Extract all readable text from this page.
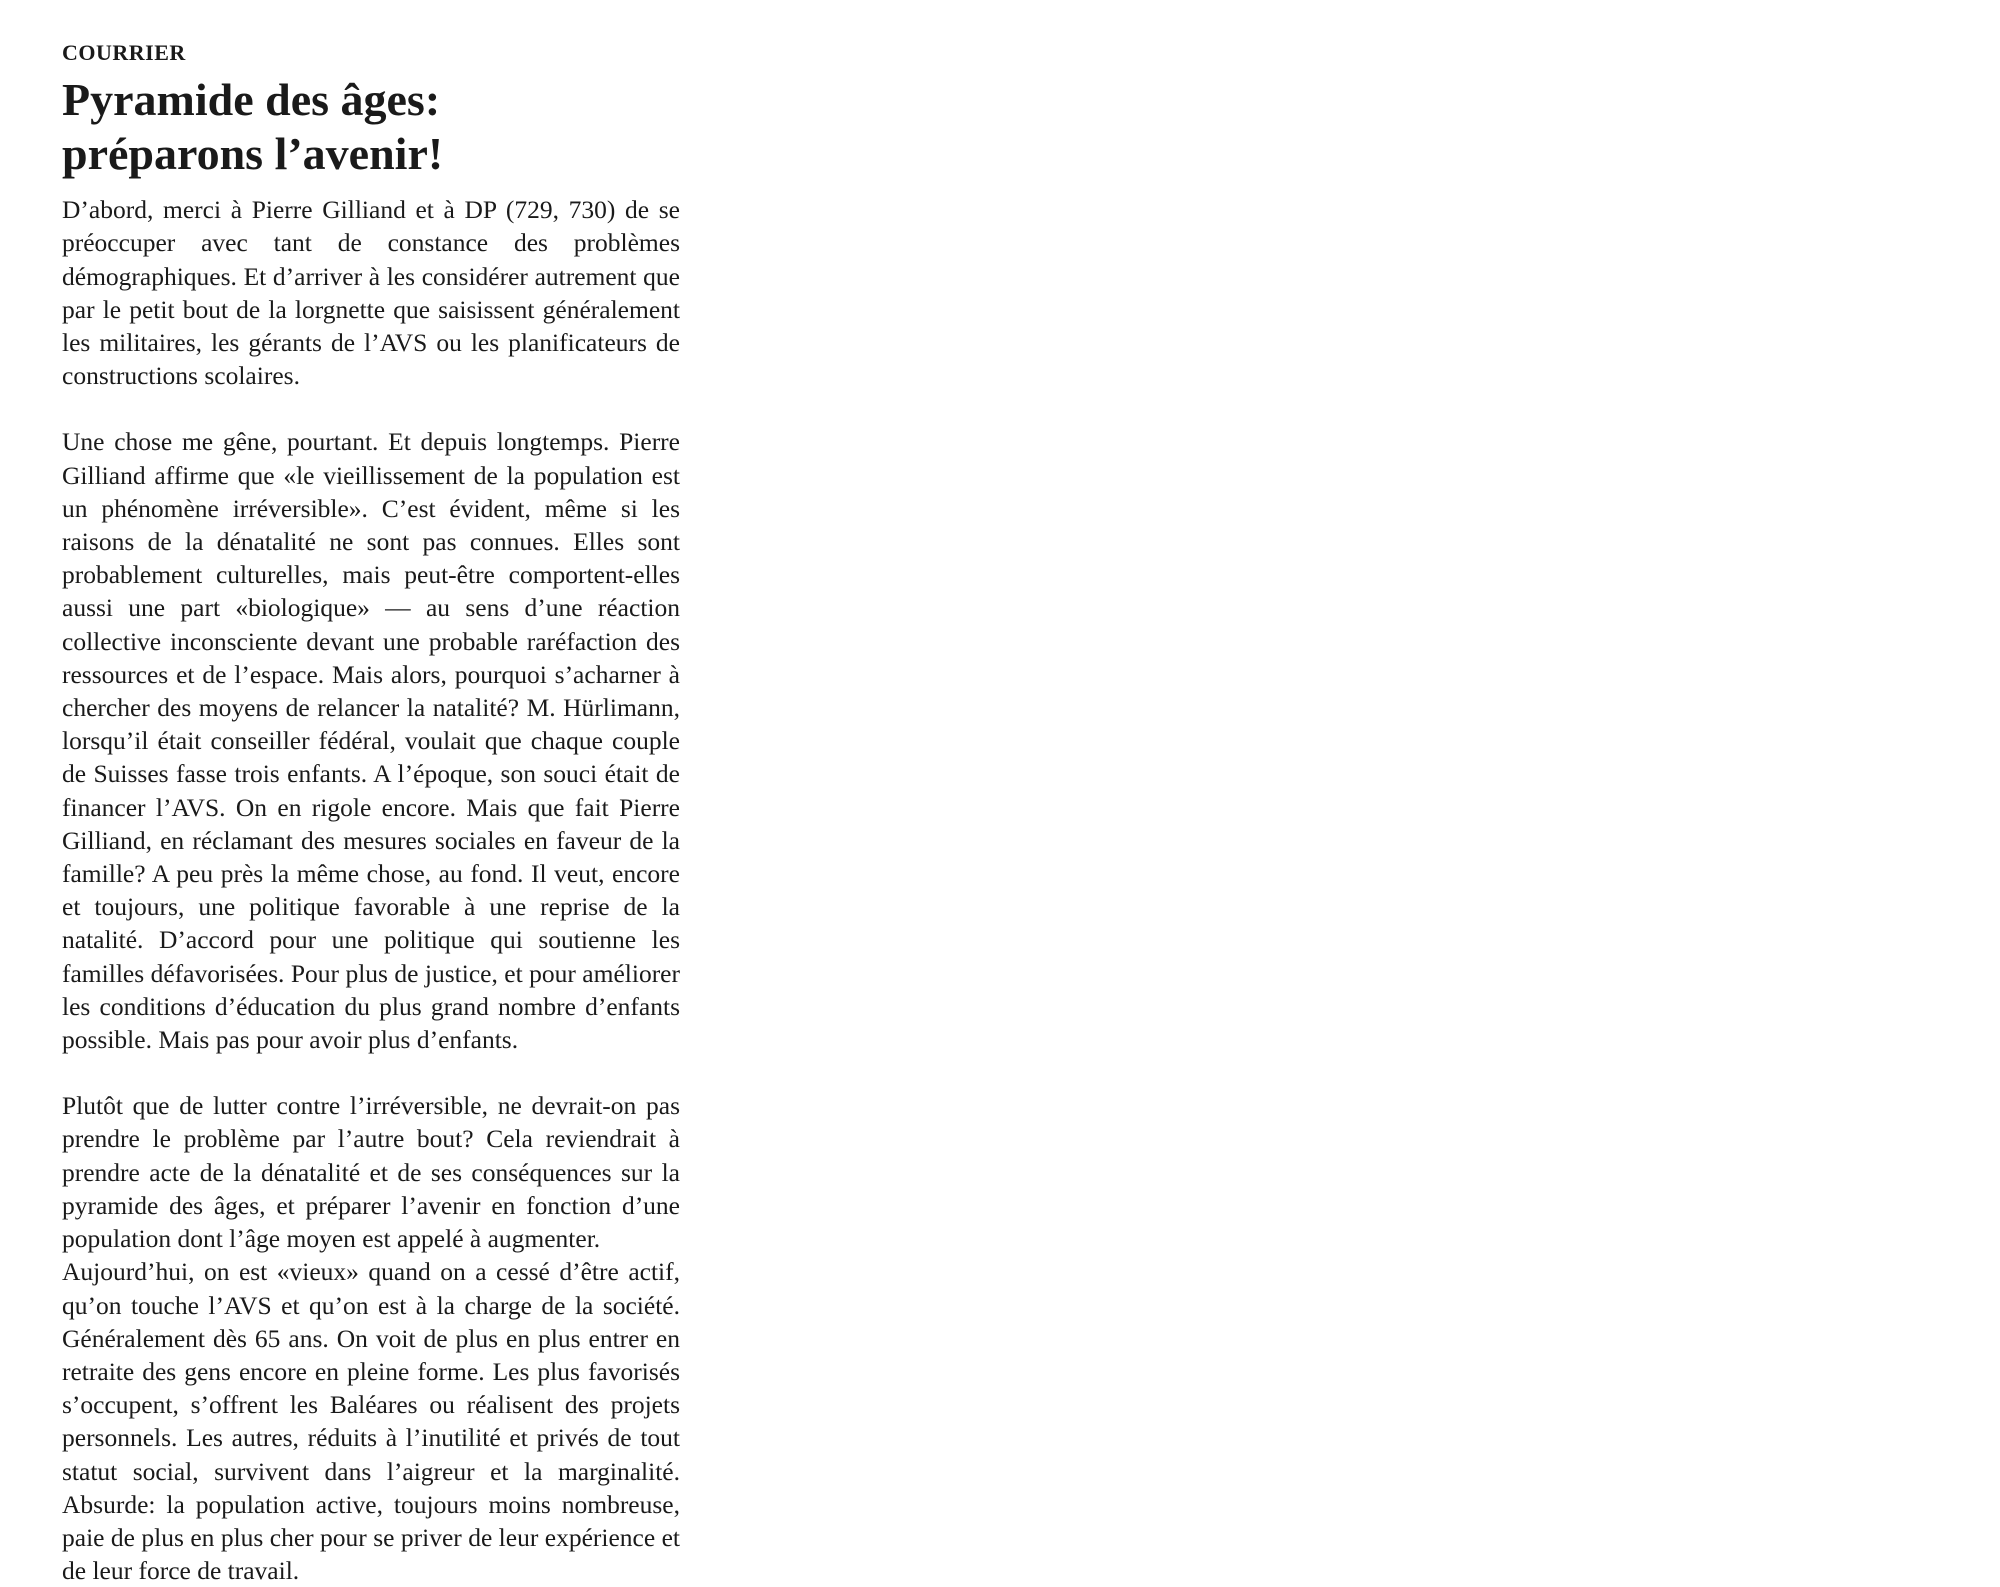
COURRIER
Pyramide des âges:
préparons l’avenir!

D’abord, merci à Pierre Gilliand et à DP (729, 730) de se préoccuper avec tant de constance des problèmes démographiques. Et d’arriver à les considérer autrement que par le petit bout de la lorgnette que saisissent généralement les militaires, les gérants de l’AVS ou les planificateurs de constructions scolaires.

Une chose me gêne, pourtant. Et depuis longtemps. Pierre Gilliand affirme que «le vieillissement de la population est un phénomène irréversible». C’est évident, même si les raisons de la dénatalité ne sont pas connues. Elles sont probablement culturelles, mais peut-être comportent-elles aussi une part «biologique» — au sens d’une réaction collective inconsciente devant une probable raréfaction des ressources et de l’espace. Mais alors, pourquoi s’acharner à chercher des moyens de relancer la natalité? M. Hürlimann, lorsqu’il était conseiller fédéral, voulait que chaque couple de Suisses fasse trois enfants. A l’époque, son souci était de financer l’AVS. On en rigole encore. Mais que fait Pierre Gilliand, en réclamant des mesures sociales en faveur de la famille? A peu près la même chose, au fond. Il veut, encore et toujours, une politique favorable à une reprise de la natalité. D’accord pour une politique qui soutienne les familles défavorisées. Pour plus de justice, et pour améliorer les conditions d’éducation du plus grand nombre d’enfants possible. Mais pas pour avoir plus d’enfants.

Plutôt que de lutter contre l’irréversible, ne devrait-on pas prendre le problème par l’autre bout? Cela reviendrait à prendre acte de la dénatalité et de ses conséquences sur la pyramide des âges, et préparer l’avenir en fonction d’une population dont l’âge moyen est appelé à augmenter.

Aujourd’hui, on est «vieux» quand on a cessé d’être actif, qu’on touche l’AVS et qu’on est à la charge de la société. Généralement dès 65 ans. On voit de plus en plus entrer en retraite des gens encore en pleine forme. Les plus favorisés s’occupent, s’offrent les Baléares ou réalisent des projets personnels. Les autres, réduits à l’inutilité et privés de tout statut social, survivent dans l’aigreur et la marginalité. Absurde: la population active, toujours moins nombreuse, paie de plus en plus cher pour se priver de leur expérience et de leur force de travail.
